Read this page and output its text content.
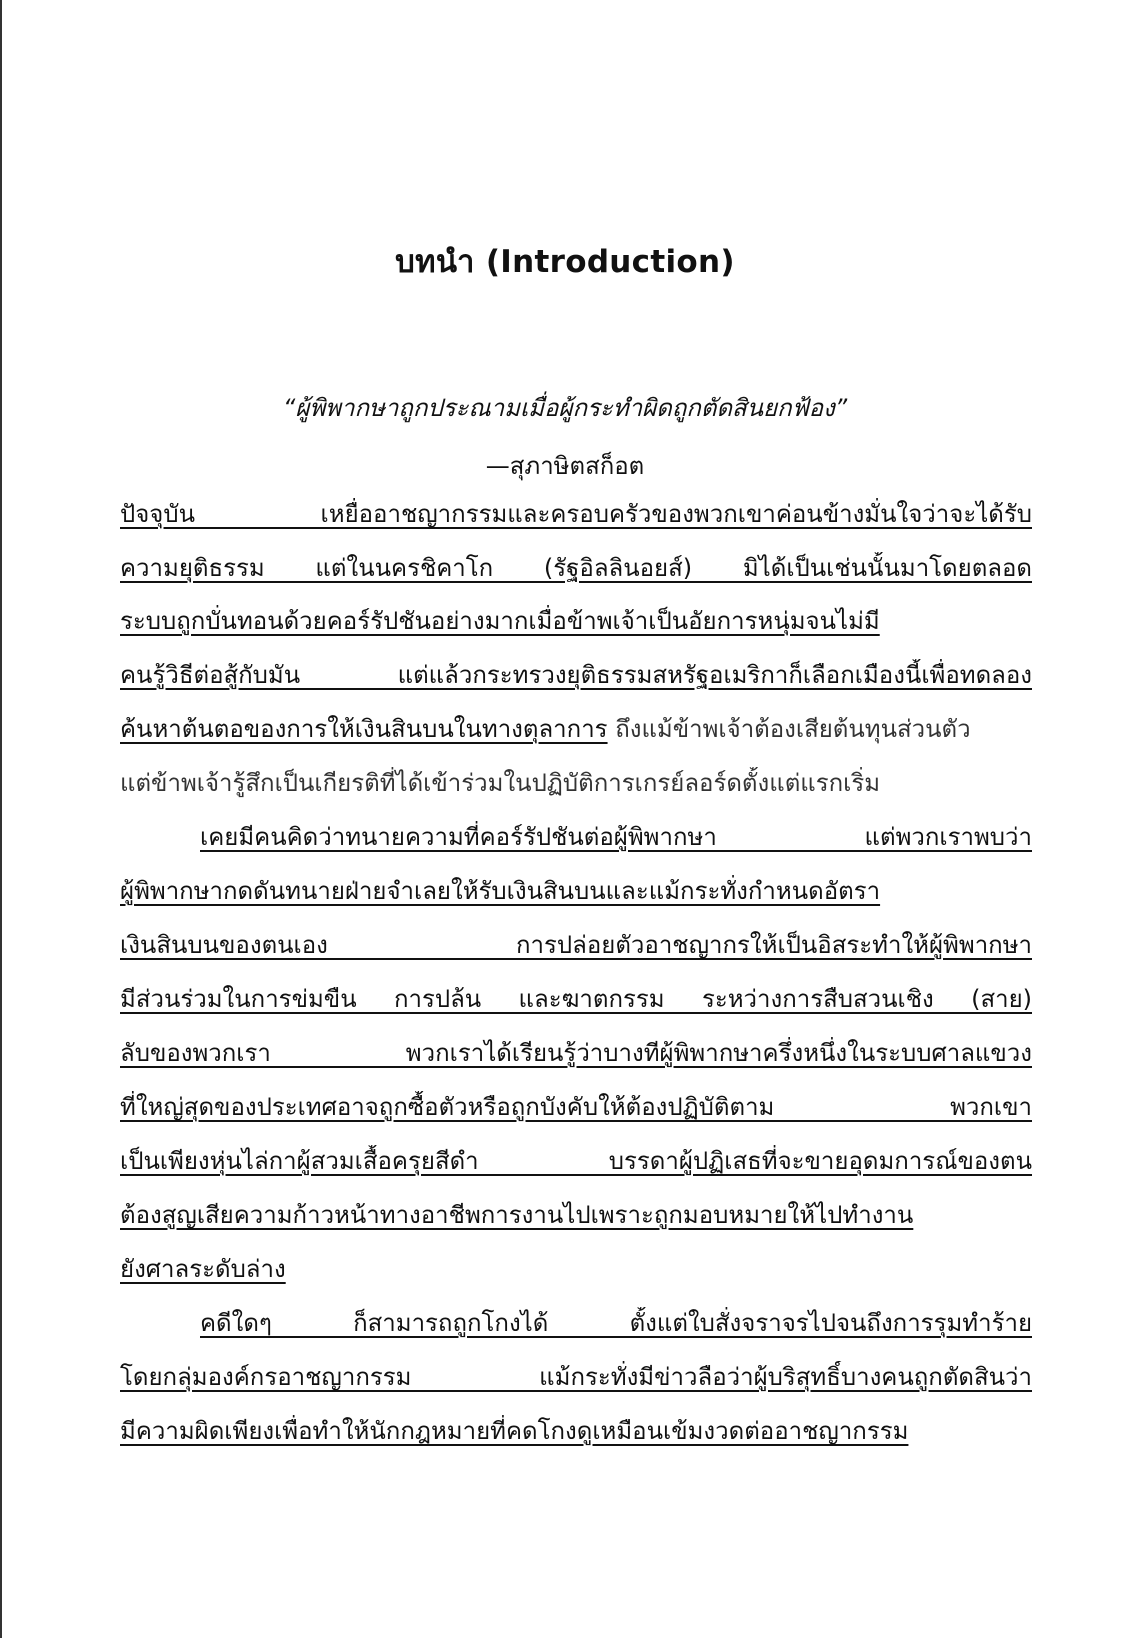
บทนำ (Introduction)
“ผู้พิพากษาถูกประณามเมื่อผู้กระทำผิดถูกตัดสินยกฟ้อง”
—สุภาษิตสก็อต
ปัจจุบัน เหยื่ออาชญากรรมและครอบครัวของพวกเขาค่อนข้างมั่นใจว่าจะได้รับ
ความยุติธรรม แต่ในนครชิคาโก (รัฐอิลลินอยส์) มิได้เป็นเช่นนั้นมาโดยตลอด
ระบบถูกบั่นทอนด้วยคอร์รัปชันอย่างมากเมื่อข้าพเจ้าเป็นอัยการหนุ่มจนไม่มี
คนรู้วิธีต่อสู้กับมัน แต่แล้วกระทรวงยุติธรรมสหรัฐอเมริกาก็เลือกเมืองนี้เพื่อทดลอง
ค้นหาต้นตอของการให้เงินสินบนในทางตุลาการ ถึงแม้ข้าพเจ้าต้องเสียต้นทุนส่วนตัว
แต่ข้าพเจ้ารู้สึกเป็นเกียรติที่ได้เข้าร่วมในปฏิบัติการเกรย์ลอร์ดตั้งแต่แรกเริ่ม
เคยมีคนคิดว่าทนายความที่คอร์รัปชันต่อผู้พิพากษา แต่พวกเราพบว่า
ผู้พิพากษากดดันทนายฝ่ายจำเลยให้รับเงินสินบนและแม้กระทั่งกำหนดอัตรา
เงินสินบนของตนเอง การปล่อยตัวอาชญากรให้เป็นอิสระทำให้ผู้พิพากษา
มีส่วนร่วมในการข่มขืน การปล้น และฆาตกรรม ระหว่างการสืบสวนเชิง (สาย)
ลับของพวกเรา พวกเราได้เรียนรู้ว่าบางทีผู้พิพากษาครึ่งหนึ่งในระบบศาลแขวง
ที่ใหญ่สุดของประเทศอาจถูกซื้อตัวหรือถูกบังคับให้ต้องปฏิบัติตาม พวกเขา
เป็นเพียงหุ่นไล่กาผู้สวมเสื้อครุยสีดำ บรรดาผู้ปฏิเสธที่จะขายอุดมการณ์ของตน
ต้องสูญเสียความก้าวหน้าทางอาชีพการงานไปเพราะถูกมอบหมายให้ไปทำงาน
ยังศาลระดับล่าง
คดีใดๆ ก็สามารถถูกโกงได้ ตั้งแต่ใบสั่งจราจรไปจนถึงการรุมทำร้าย
โดยกลุ่มองค์กรอาชญากรรม แม้กระทั่งมีข่าวลือว่าผู้บริสุทธิ์บางคนถูกตัดสินว่า
มีความผิดเพียงเพื่อทำให้นักกฎหมายที่คดโกงดูเหมือนเข้มงวดต่ออาชญากรรม
